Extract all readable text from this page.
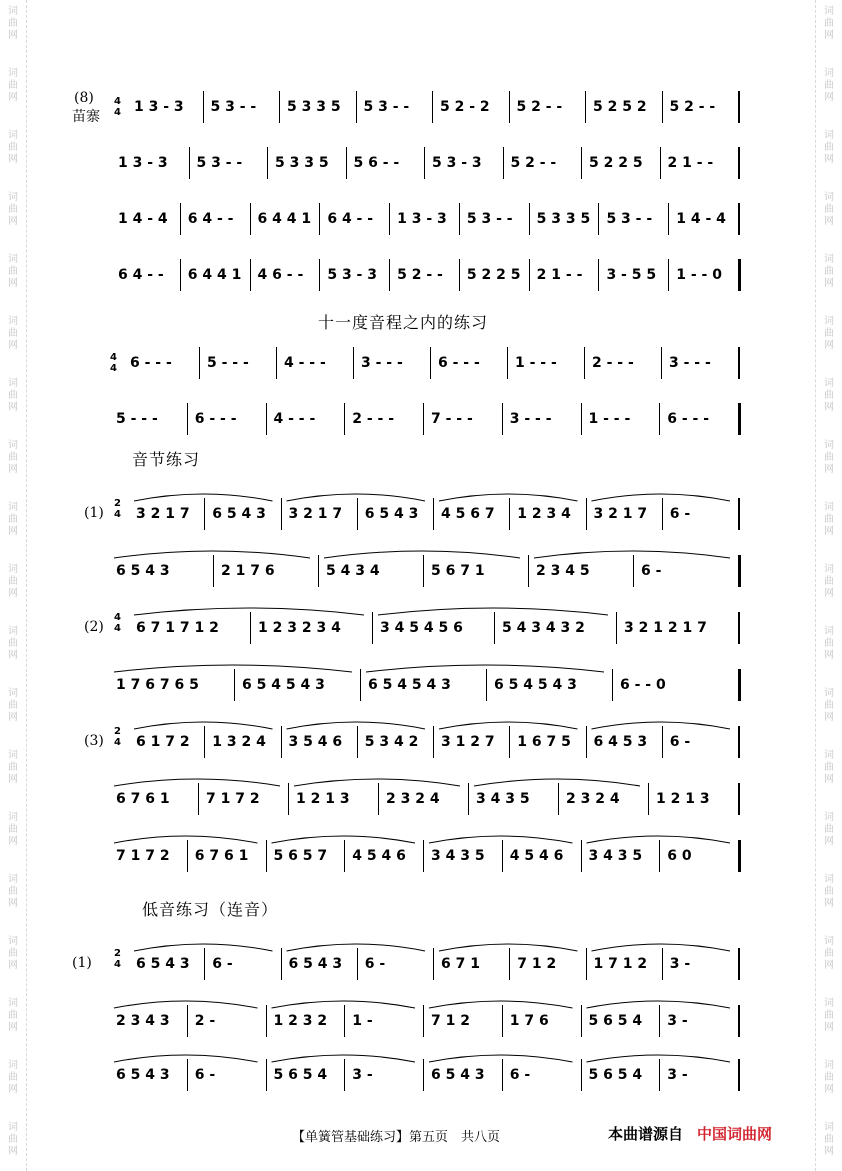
词
曲
网
词
曲
网
词
曲
网
词
曲
网
词
曲
网
词
曲
网
词
曲
网
词
曲
网
词
曲
网
词
曲
网
词
曲
网
词
曲
网
词
曲
网
词
曲
网
词
曲
网
词
曲
网
词
曲
网
词
曲
网
词
曲
网
词
曲
网
词
曲
网
词
曲
网
词
曲
网
词
曲
网
词
曲
网
词
曲
网
词
曲
网
词
曲
网
词
曲
网
词
曲
网
词
曲
网
词
曲
网
词
曲
网
词
曲
网
词
曲
网
词
曲
网
词
曲
网
词
曲
网
(8)
苗寨
(1)
(2)
(3)
(1)
4
4
4
4
2
4
4
4
2
4
2
4
十一度音程之内的练习
音节练习
低音练习（连音）
1 3 - 3	5 3 - -	5 3 3 5	5 3 - -	5 2 - 2	5 2 - -	5 2 5 2	5 2 - -
1 3 - 3	5 3 - -	5 3 3 5	5 6 - -	5 3 - 3	5 2 - -	5 2 2 5	2 1 - -
1 4 - 4	6 4 - -	6 4 4 1	6 4 - -	1 3 - 3	5 3 - -	5 3 3 5	5 3 - -	1 4 - 4
6 4 - -	6 4 4 1	4 6 - -	5 3 - 3	5 2 - -	5 2 2 5	2 1 - -	3 - 5 5	1 - - 0
6 - - -	5 - - -	4 - - -	3 - - -	6 - - -	1 - - -	2 - - -	3 - - -
5 - - -	6 - - -	4 - - -	2 - - -	7 - - -	3 - - -	1 - - -	6 - - -
3 2 1 7	6 5 4 3	3 2 1 7	6 5 4 3	4 5 6 7	1 2 3 4	3 2 1 7	6 -
6 5 4 3	2 1 7 6	5 4 3 4	5 6 7 1	2 3 4 5	6 -
6 7 1 7 1 2	1 2 3 2 3 4	3 4 5 4 5 6	5 4 3 4 3 2	3 2 1 2 1 7
1 7 6 7 6 5	6 5 4 5 4 3	6 5 4 5 4 3	6 5 4 5 4 3	6 - - 0
6 1 7 2	1 3 2 4	3 5 4 6	5 3 4 2	3 1 2 7	1 6 7 5	6 4 5 3	6 -
6 7 6 1	7 1 7 2	1 2 1 3	2 3 2 4	3 4 3 5	2 3 2 4	1 2 1 3
7 1 7 2	6 7 6 1	5 6 5 7	4 5 4 6	3 4 3 5	4 5 4 6	3 4 3 5	6 0
6 5 4 3	6 -	6 5 4 3	6 -	6 7 1	7 1 2	1 7 1 2	3 -
2 3 4 3	2 -	1 2 3 2	1 -	7 1 2	1 7 6	5 6 5 4	3 -
6 5 4 3	6 -	5 6 5 4	3 -	6 5 4 3	6 -	5 6 5 4	3 -
【单簧管基础练习】第五页　共八页	本曲谱源自 中国词曲网
